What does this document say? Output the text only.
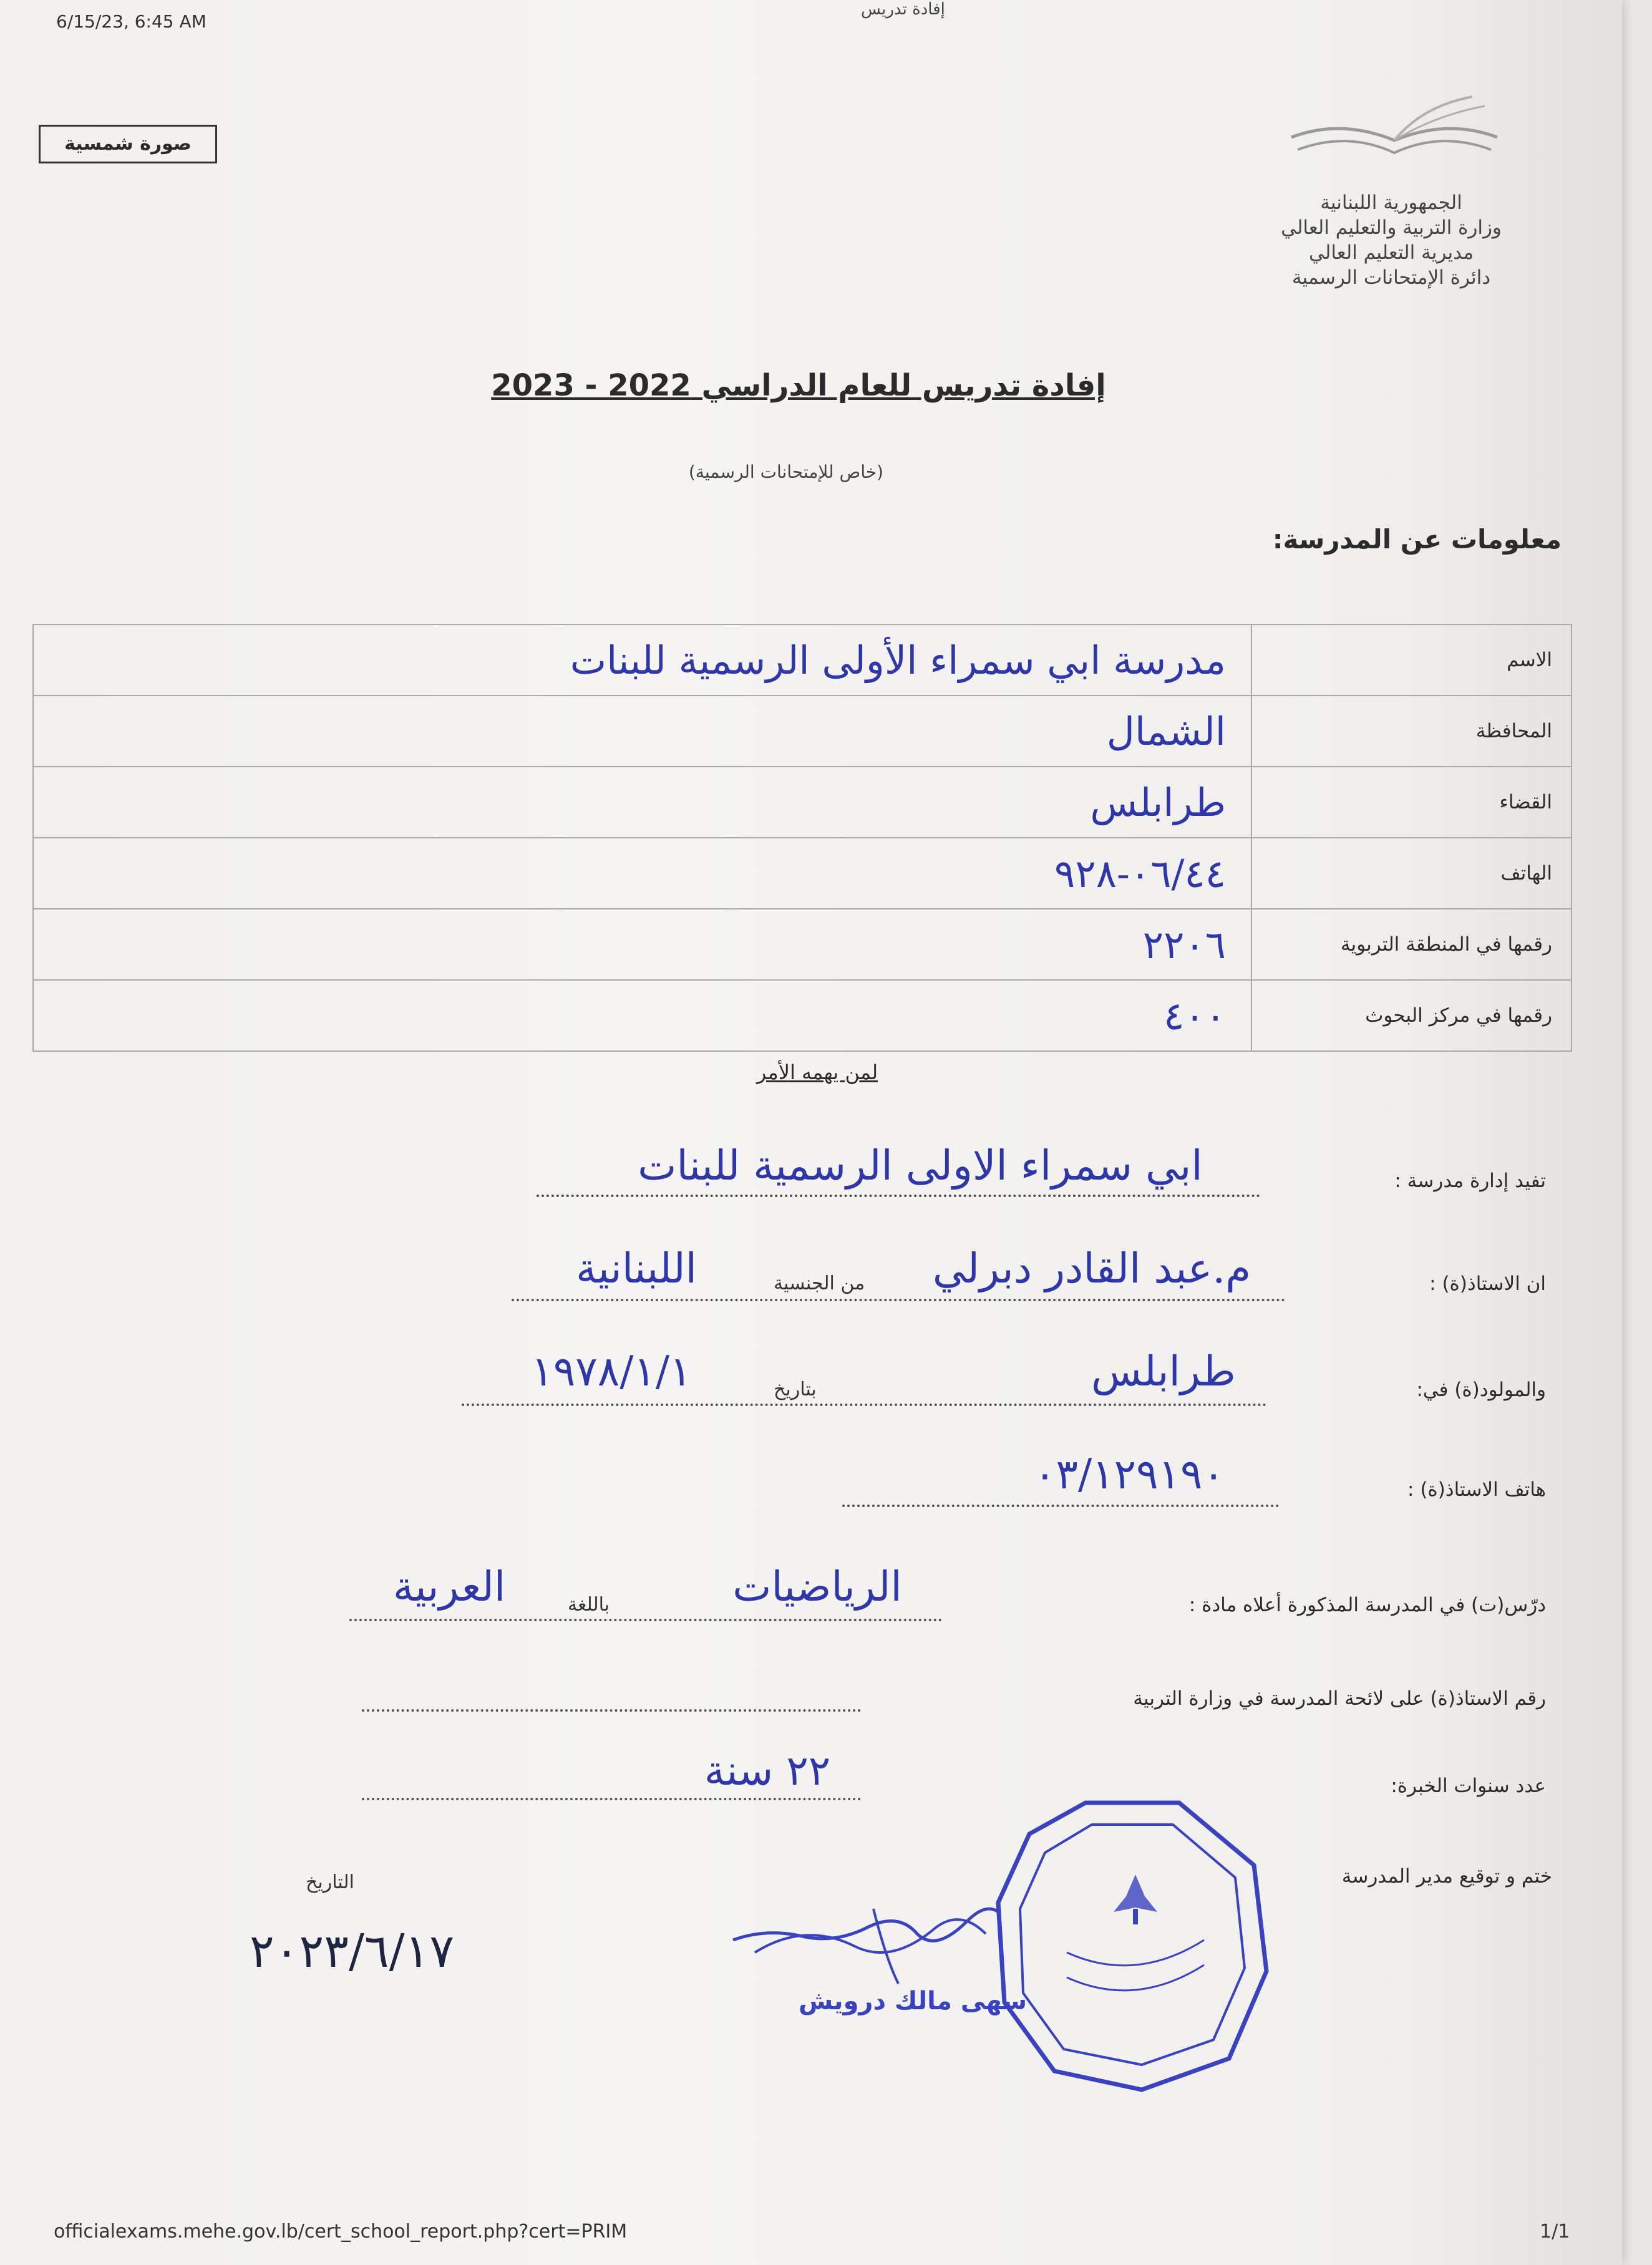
6/15/23, 6:45 AM
إفادة تدريس
صورة شمسية
الجمهورية اللبنانية
وزارة التربية والتعليم العالي
مديرية التعليم العالي
دائرة الإمتحانات الرسمية
إفادة تدريس للعام الدراسي 2022 - 2023
(خاص للإمتحانات الرسمية)
معلومات عن المدرسة:
الاسم	مدرسة ابي سمراء الأولى الرسمية للبنات
المحافظة	الشمال
القضاء	طرابلس
الهاتف	٠٦/٤٤-٩٢٨
رقمها في المنطقة التربوية	٢٢٠٦
رقمها في مركز البحوث	٤٠٠
لمن يهمه الأمر
تفيد إدارة مدرسة :
ابي سمراء الاولى الرسمية للبنات
ان الاستاذ(ة) :
م.عبد القادر دبرلي
من الجنسية
اللبنانية
والمولود(ة) في:
طرابلس
بتاريخ
١٩٧٨/١/١
هاتف الاستاذ(ة) :
٠٣/١٢٩١٩٠
درّس(ت) في المدرسة المذكورة أعلاه مادة :
الرياضيات
باللغة
العربية
رقم الاستاذ(ة) على لائحة المدرسة في وزارة التربية
عدد سنوات الخبرة:
٢٢ سنة
ختم و توقيع مدير المدرسة
التاريخ
٢٠٢٣/٦/١٧
سهى مالك درويش
officialexams.mehe.gov.lb/cert_school_report.php?cert=PRIM	1/1
